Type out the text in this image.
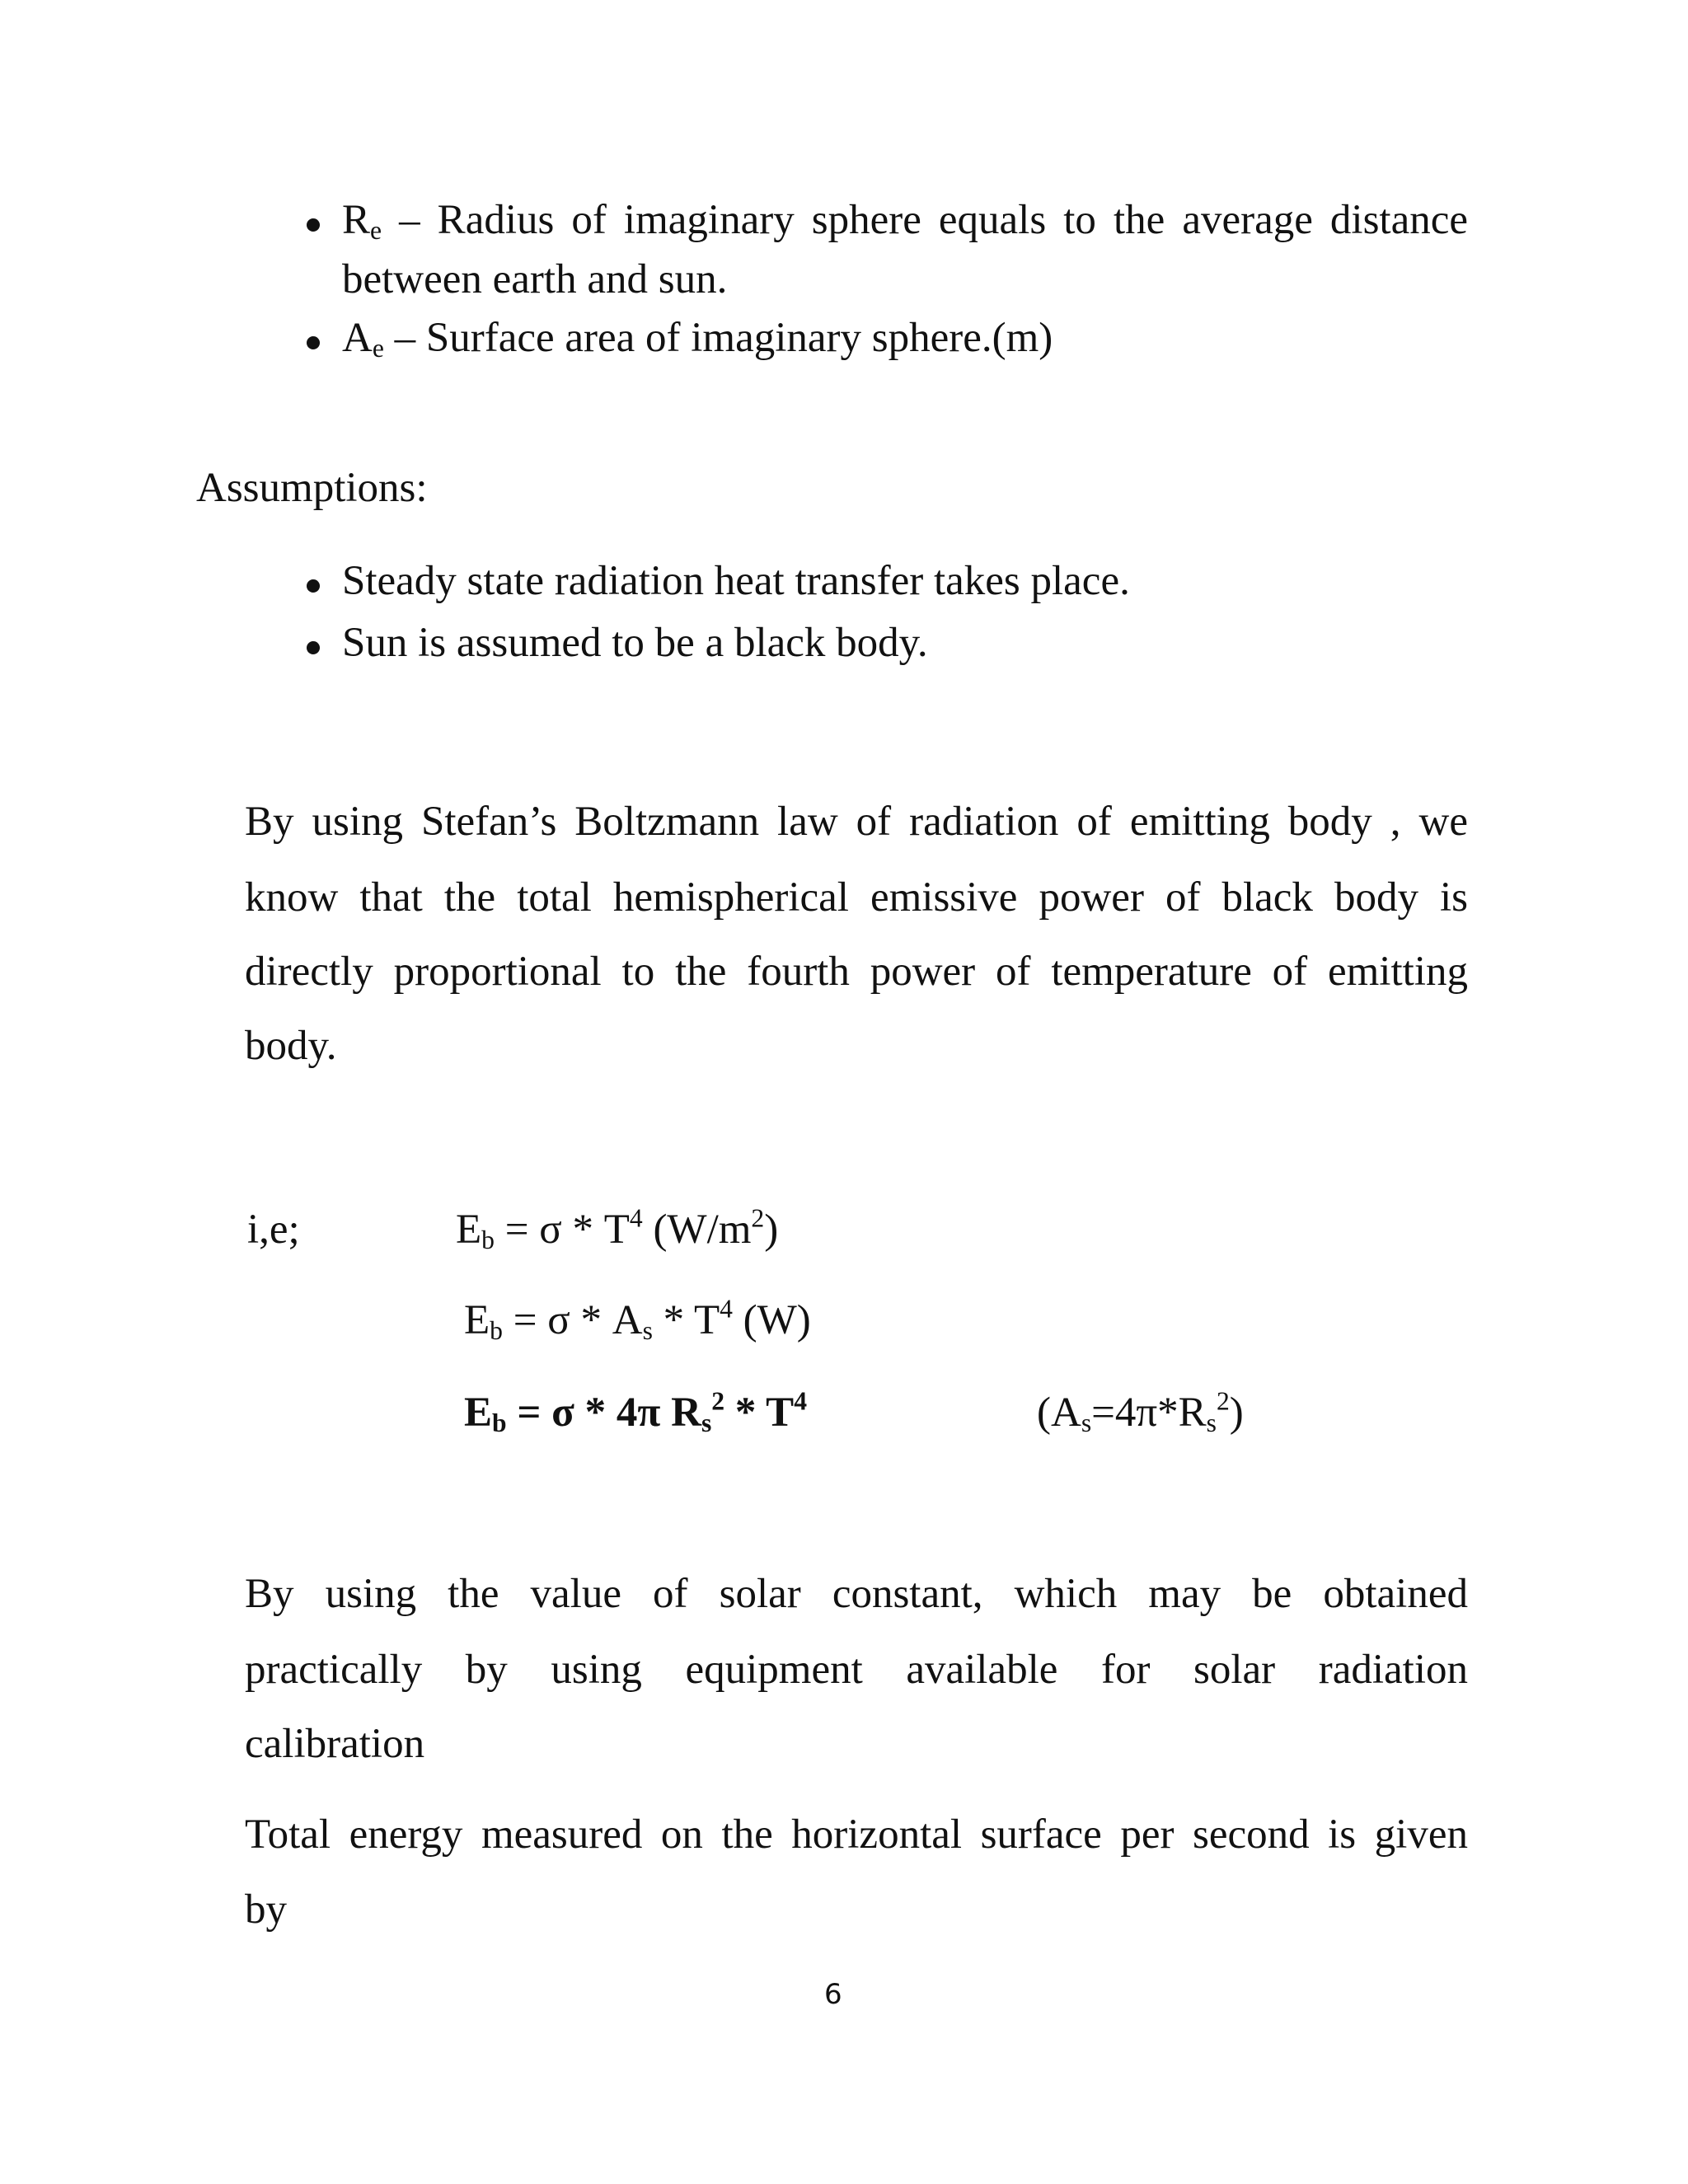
$R_e$ – Radius of imaginary sphere equals to the average distance
between earth and sun.
$A_e$ – Surface area of imaginary sphere.(m)
Assumptions:
Steady state radiation heat transfer takes place.
Sun is assumed to be a black body.
By using Stefan’s Boltzmann law of radiation of emitting body , we
know that the total hemispherical emissive power of black body is
directly proportional to the fourth power of temperature of emitting
body.
i,e;	$E_b = \sigma * T^4$ $(W/m^2)$
$E_b = \sigma * A_s * T^4$ (W)
$E_b = \sigma * 4\pi$ $R_s^2 * T^4$	$(A_s=4\pi*R_s^2)$
By using the value of solar constant, which may be obtained
practically by using equipment available for solar radiation
calibration
Total energy measured on the horizontal surface per second is given
by
6
